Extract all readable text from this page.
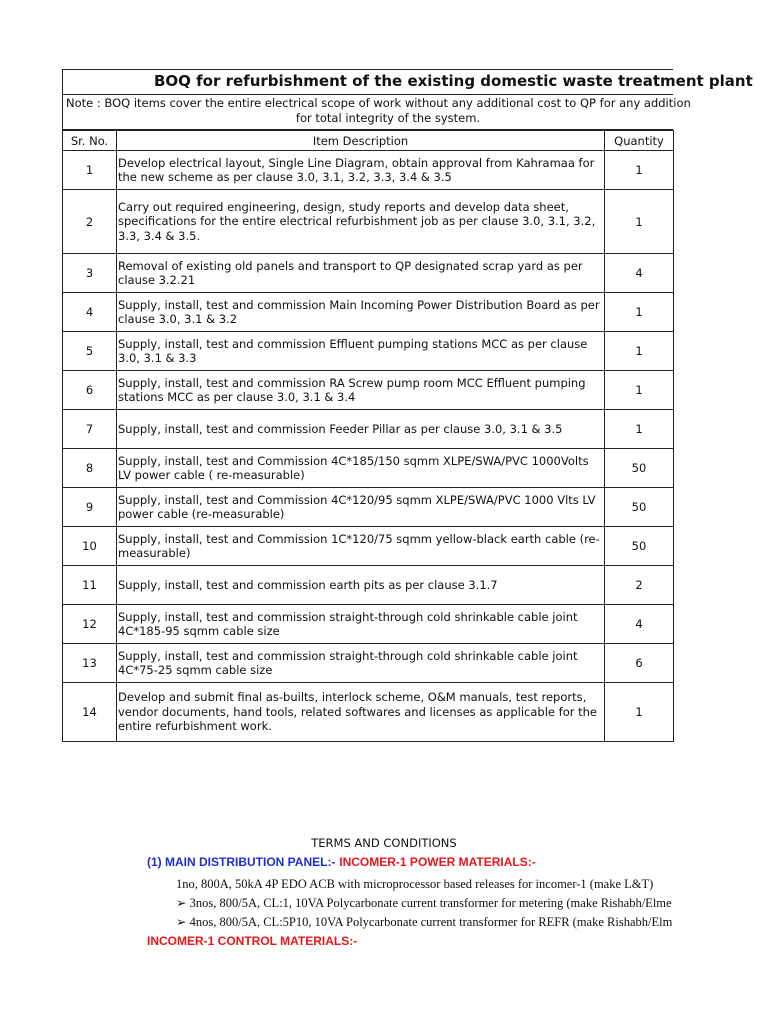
BOQ for refurbishment of the existing domestic waste treatment plant
Note : BOQ items cover the entire electrical scope of work without any additional cost to QP for any addition
for total integrity of the system.
Sr. No.	Item Description	Quantity
1	Develop electrical layout, Single Line Diagram, obtain approval from Kahramaa for the new scheme as per clause 3.0, 3.1, 3.2, 3.3, 3.4 & 3.5	1
2	Carry out required engineering, design, study reports and develop data sheet, specifications for the entire electrical refurbishment job as per clause 3.0, 3.1, 3.2, 3.3, 3.4 & 3.5.	1
3	Removal of existing old panels and transport to QP designated scrap yard as per clause 3.2.21	4
4	Supply, install, test and commission Main Incoming Power Distribution Board as per clause 3.0, 3.1 & 3.2	1
5	Supply, install, test and commission Effluent pumping stations MCC as per clause 3.0, 3.1 & 3.3	1
6	Supply, install, test and commission RA Screw pump room MCC Effluent pumping stations MCC as per clause 3.0, 3.1 & 3.4	1
7	Supply, install, test and commission Feeder Pillar as per clause 3.0, 3.1 & 3.5	1
8	Supply, install, test and Commission 4C*185/150 sqmm XLPE/SWA/PVC 1000Volts LV power cable ( re-measurable)	50
9	Supply, install, test and Commission 4C*120/95 sqmm XLPE/SWA/PVC 1000 Vlts LV power cable (re-measurable)	50
10	Supply, install, test and Commission 1C*120/75 sqmm yellow-black earth cable (re-measurable)	50
11	Supply, install, test and commission earth pits as per clause 3.1.7	2
12	Supply, install, test and commission straight-through cold shrinkable cable joint 4C*185-95 sqmm cable size	4
13	Supply, install, test and commission straight-through cold shrinkable cable joint 4C*75-25 sqmm cable size	6
14	Develop and submit final as-builts, interlock scheme, O&M manuals, test reports, vendor documents, hand tools, related softwares and licenses as applicable for the entire refurbishment work.	1
TERMS AND CONDITIONS
(1) MAIN DISTRIBUTION PANEL:- INCOMER-1 POWER MATERIALS:-
1no, 800A, 50kA 4P EDO ACB with microprocessor based releases for incomer-1 (make L&T)
➢ 3nos, 800/5A, CL:1, 10VA Polycarbonate current transformer for metering (make Rishabh/Elme
➢ 4nos, 800/5A, CL:5P10, 10VA Polycarbonate current transformer for REFR (make Rishabh/Elm
INCOMER-1 CONTROL MATERIALS:-
